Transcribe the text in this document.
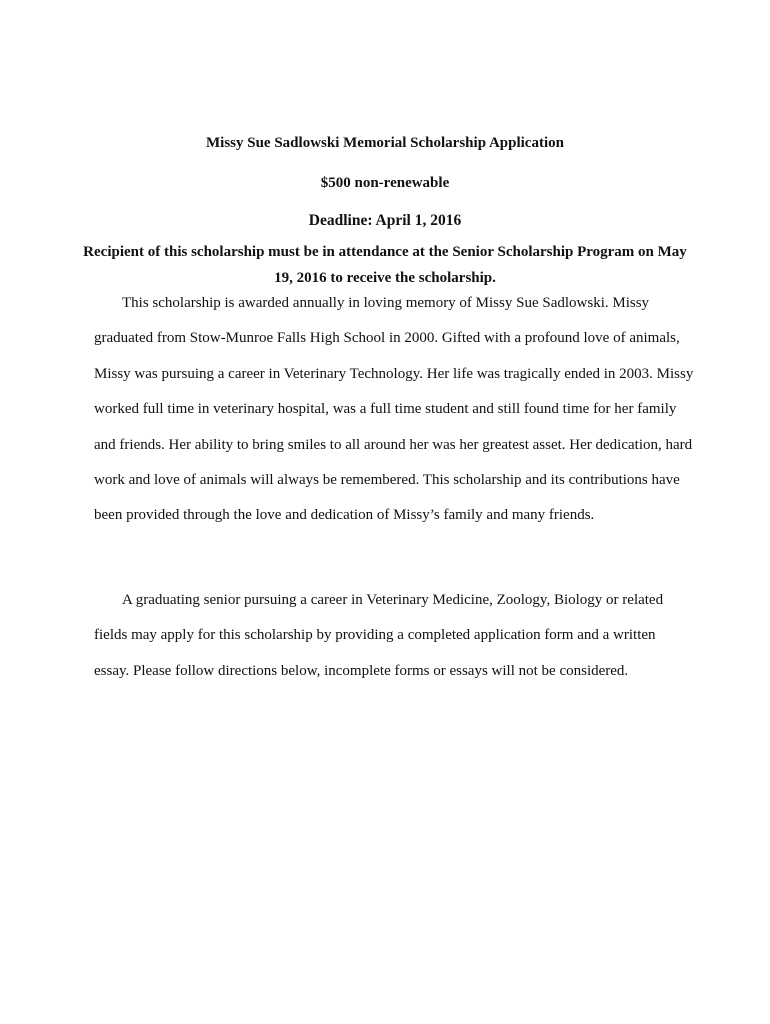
Missy Sue Sadlowski Memorial Scholarship Application
$500 non-renewable
Deadline: April 1, 2016

Recipient of this scholarship must be in attendance at the Senior Scholarship Program on May 19, 2016 to receive the scholarship.

This scholarship is awarded annually in loving memory of Missy Sue Sadlowski. Missy graduated from Stow-Munroe Falls High School in 2000. Gifted with a profound love of animals, Missy was pursuing a career in Veterinary Technology. Her life was tragically ended in 2003. Missy worked full time in veterinary hospital, was a full time student and still found time for her family and friends. Her ability to bring smiles to all around her was her greatest asset. Her dedication, hard work and love of animals will always be remembered. This scholarship and its contributions have been provided through the love and dedication of Missy’s family and many friends.

A graduating senior pursuing a career in Veterinary Medicine, Zoology, Biology or related fields may apply for this scholarship by providing a completed application form and a written essay. Please follow directions below, incomplete forms or essays will not be considered.
